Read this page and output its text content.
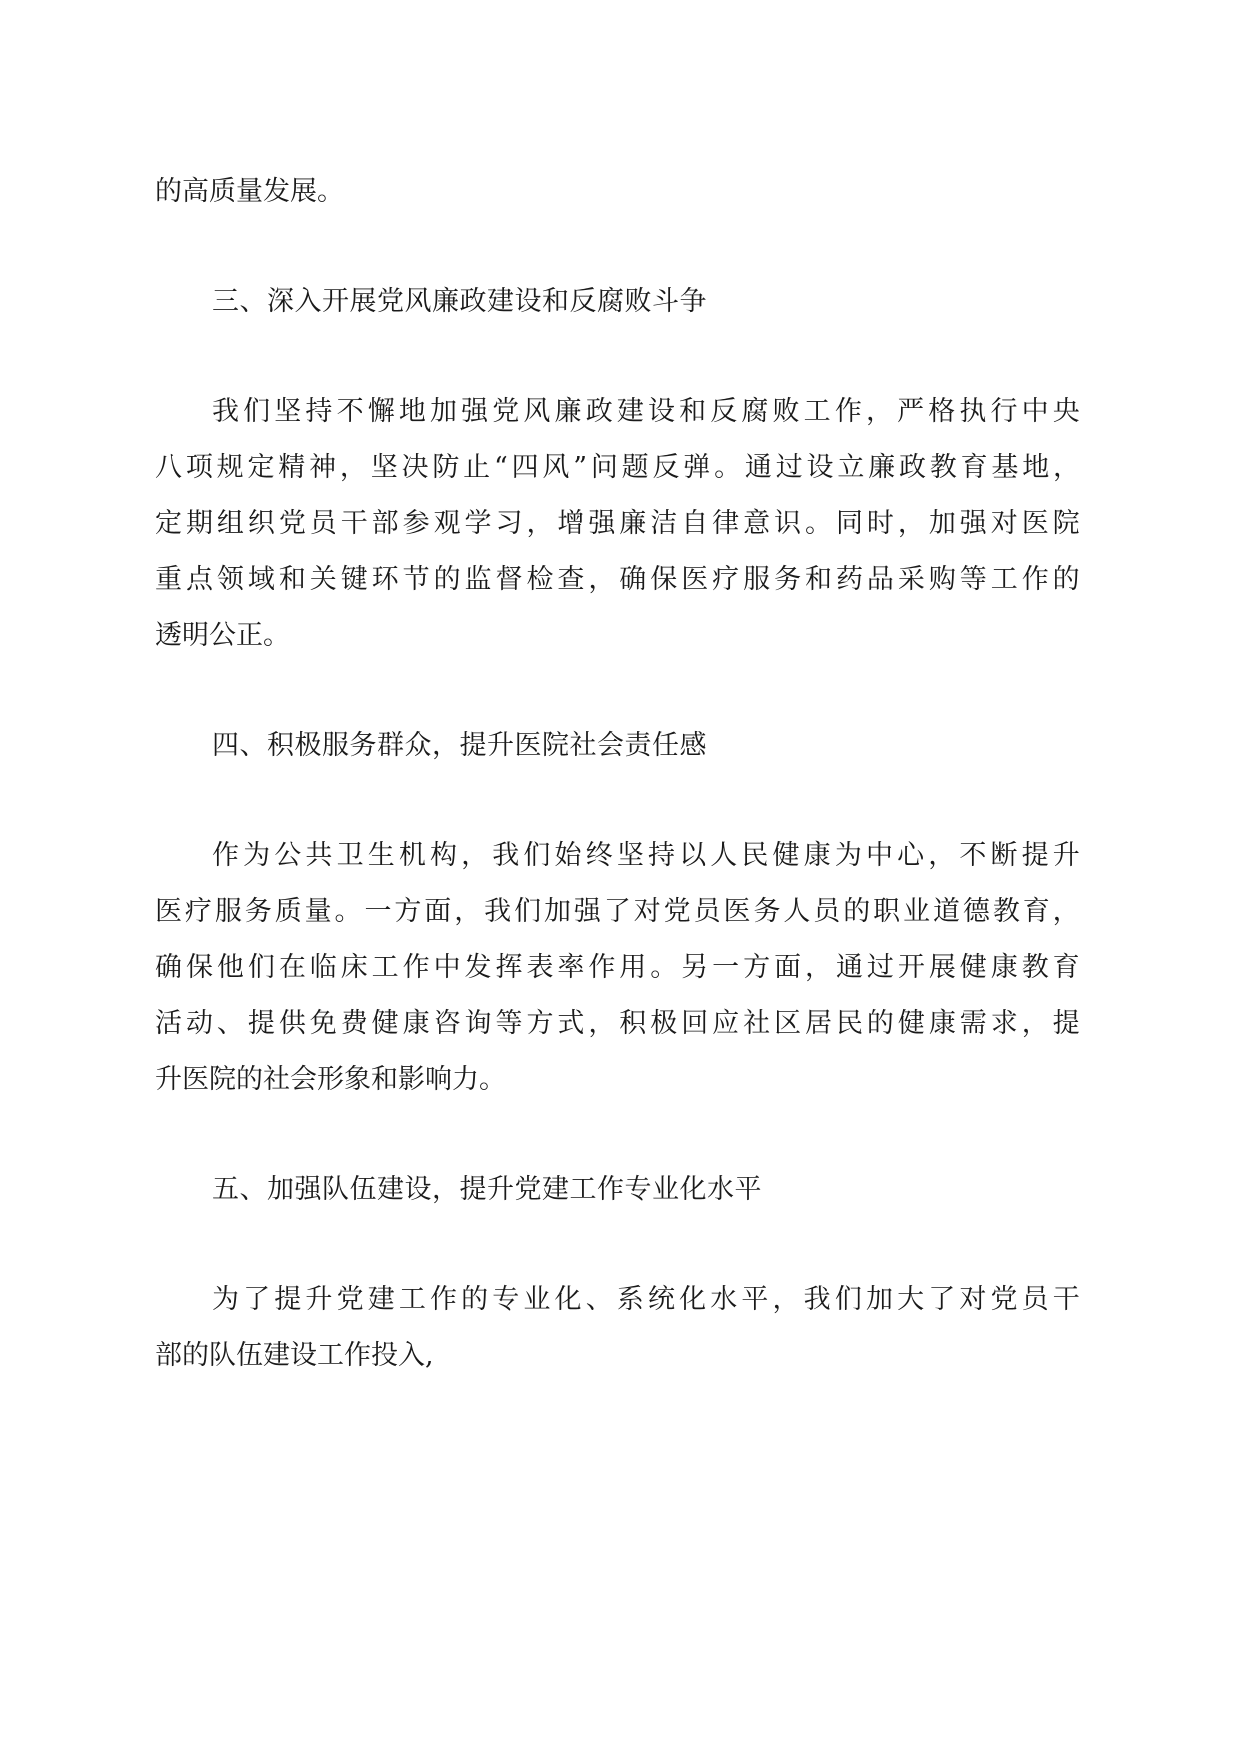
的高质量发展。
三、深入开展党风廉政建设和反腐败斗争
我 们 坚 持 不 懈 地 加 强 党 风 廉 政 建 设 和 反 腐 败 工 作 ， 严 格 执 行 中 央
八 项 规 定 精 神 ， 坚 决 防 止 “ 四 风 ” 问 题 反 弹 。 通 过 设 立 廉 政 教 育 基 地 ，
定 期 组 织 党 员 干 部 参 观 学 习 ， 增 强 廉 洁 自 律 意 识 。 同 时 ， 加 强 对 医 院
重 点 领 域 和 关 键 环 节 的 监 督 检 查 ， 确 保 医 疗 服 务 和 药 品 采 购 等 工 作 的
透明公正。
四、积极服务群众，提升医院社会责任感
作 为 公 共 卫 生 机 构 ， 我 们 始 终 坚 持 以 人 民 健 康 为 中 心 ， 不 断 提 升
医 疗 服 务 质 量 。 一 方 面 ， 我 们 加 强 了 对 党 员 医 务 人 员 的 职 业 道 德 教 育 ，
确 保 他 们 在 临 床 工 作 中 发 挥 表 率 作 用 。 另 一 方 面 ， 通 过 开 展 健 康 教 育
活 动 、 提 供 免 费 健 康 咨 询 等 方 式 ， 积 极 回 应 社 区 居 民 的 健 康 需 求 ， 提
升医院的社会形象和影响力。
五、加强队伍建设，提升党建工作专业化水平
为 了 提 升 党 建 工 作 的 专 业 化 、 系 统 化 水 平 ， 我 们 加 大 了 对 党 员 干
部的队伍建设工作投入,
